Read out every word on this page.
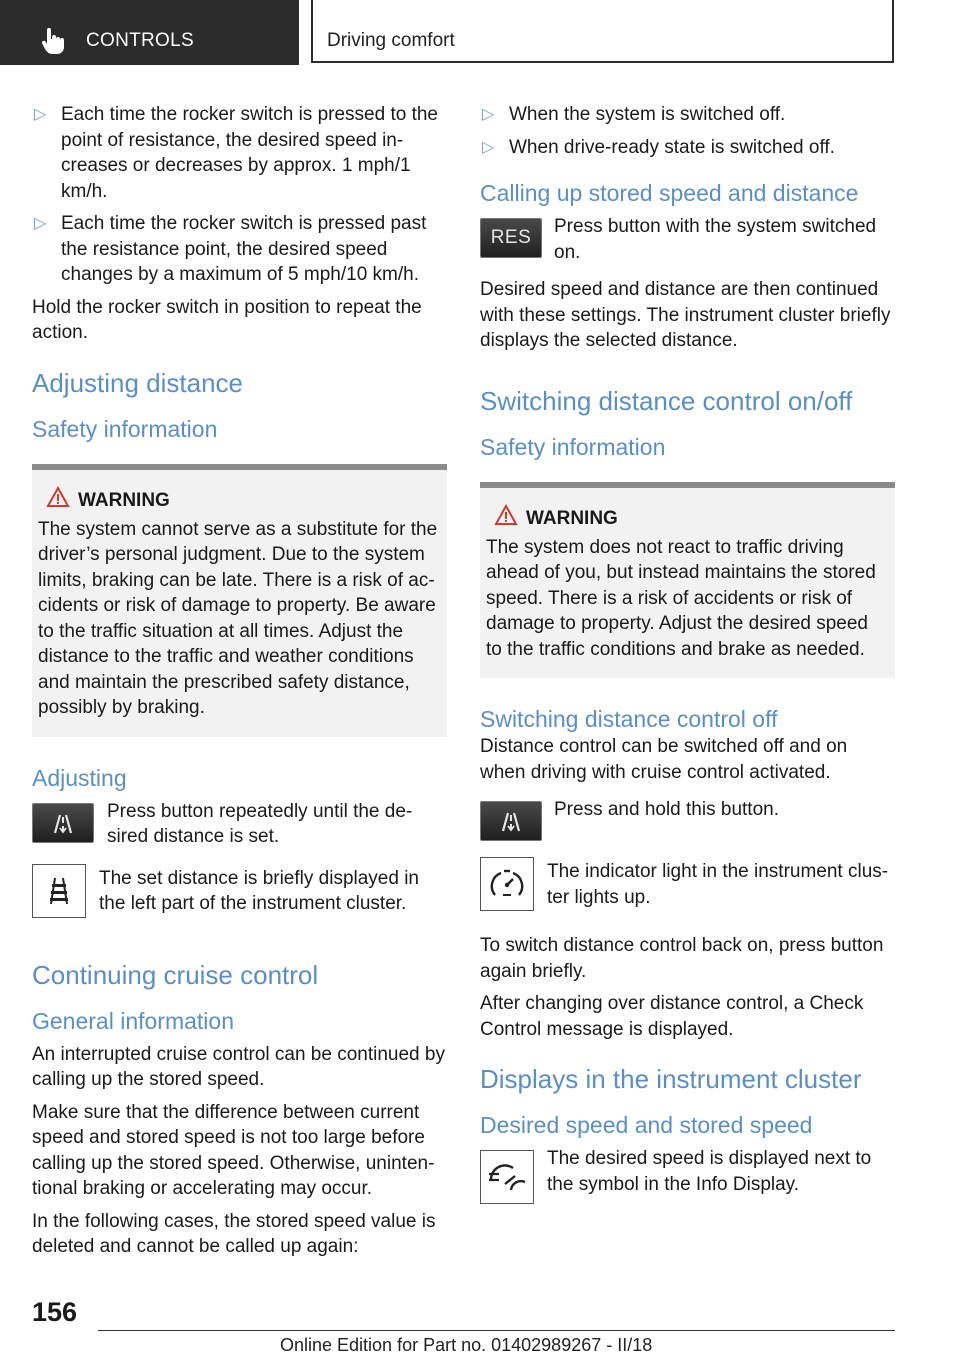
CONTROLS	Driving comfort
▷ Each time the rocker switch is pressed to the point of resistance, the desired speed in-creases or decreases by approx. 1 mph/1 km/h.
▷ Each time the rocker switch is pressed past the resistance point, the desired speed changes by a maximum of 5 mph/10 km/h.

Hold the rocker switch in position to repeat the action.

Adjusting distance
Safety information
WARNING
The system cannot serve as a substitute for the driver’s personal judgment. Due to the system limits, braking can be late. There is a risk of ac-cidents or risk of damage to property. Be aware to the traffic situation at all times. Adjust the distance to the traffic and weather conditions and maintain the prescribed safety distance, possibly by braking.
Adjusting
Press button repeatedly until the de-sired distance is set.
The set distance is briefly displayed in the left part of the instrument cluster.
Continuing cruise control
General information

An interrupted cruise control can be continued by calling up the stored speed.

Make sure that the difference between current speed and stored speed is not too large before calling up the stored speed. Otherwise, uninten-tional braking or accelerating may occur.

In the following cases, the stored speed value is deleted and cannot be called up again:

▷ When the system is switched off.
▷ When drive-ready state is switched off.
Calling up stored speed and distance
RES
Press button with the system switched on.

Desired speed and distance are then continued with these settings. The instrument cluster briefly displays the selected distance.

Switching distance control on/off
Safety information
WARNING
The system does not react to traffic driving ahead of you, but instead maintains the stored speed. There is a risk of accidents or risk of damage to property. Adjust the desired speed to the traffic conditions and brake as needed.
Switching distance control off

Distance control can be switched off and on when driving with cruise control activated.

Press and hold this button.
The indicator light in the instrument clus-ter lights up.

To switch distance control back on, press button again briefly.

After changing over distance control, a Check Control message is displayed.

Displays in the instrument cluster
Desired speed and stored speed
The desired speed is displayed next to the symbol in the Info Display.
156
Online Edition for Part no. 01402989267 - II/18
